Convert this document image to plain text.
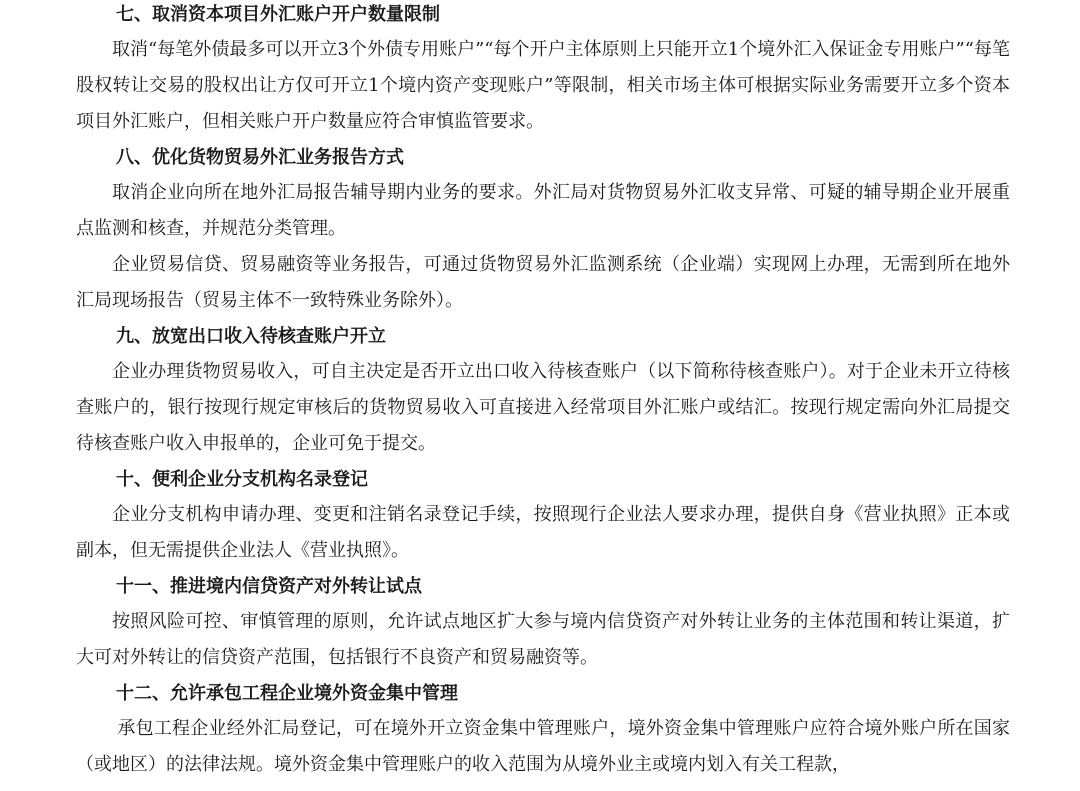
七、取消资本项目外汇账户开户数量限制

取消“每笔外债最多可以开立3个外债专用账户”“每个开户主体原则上只能开立1个境外汇入保证金专用账户”“每笔股权转让交易的股权出让方仅可开立1个境内资产变现账户”等限制，相关市场主体可根据实际业务需要开立多个资本项目外汇账户，但相关账户开户数量应符合审慎监管要求。

八、优化货物贸易外汇业务报告方式

取消企业向所在地外汇局报告辅导期内业务的要求。外汇局对货物贸易外汇收支异常、可疑的辅导期企业开展重点监测和核查，并规范分类管理。

企业贸易信贷、贸易融资等业务报告，可通过货物贸易外汇监测系统（企业端）实现网上办理，无需到所在地外汇局现场报告（贸易主体不一致特殊业务除外）。

九、放宽出口收入待核查账户开立

企业办理货物贸易收入，可自主决定是否开立出口收入待核查账户（以下简称待核查账户）。对于企业未开立待核查账户的，银行按现行规定审核后的货物贸易收入可直接进入经常项目外汇账户或结汇。按现行规定需向外汇局提交待核查账户收入申报单的，企业可免于提交。

十、便利企业分支机构名录登记

企业分支机构申请办理、变更和注销名录登记手续，按照现行企业法人要求办理，提供自身《营业执照》正本或副本，但无需提供企业法人《营业执照》。

十一、推进境内信贷资产对外转让试点

按照风险可控、审慎管理的原则，允许试点地区扩大参与境内信贷资产对外转让业务的主体范围和转让渠道，扩大可对外转让的信贷资产范围，包括银行不良资产和贸易融资等。

十二、允许承包工程企业境外资金集中管理

承包工程企业经外汇局登记，可在境外开立资金集中管理账户，境外资金集中管理账户应符合境外账户所在国家（或地区）的法律法规。境外资金集中管理账户的收入范围为从境外业主或境内划入有关工程款，
